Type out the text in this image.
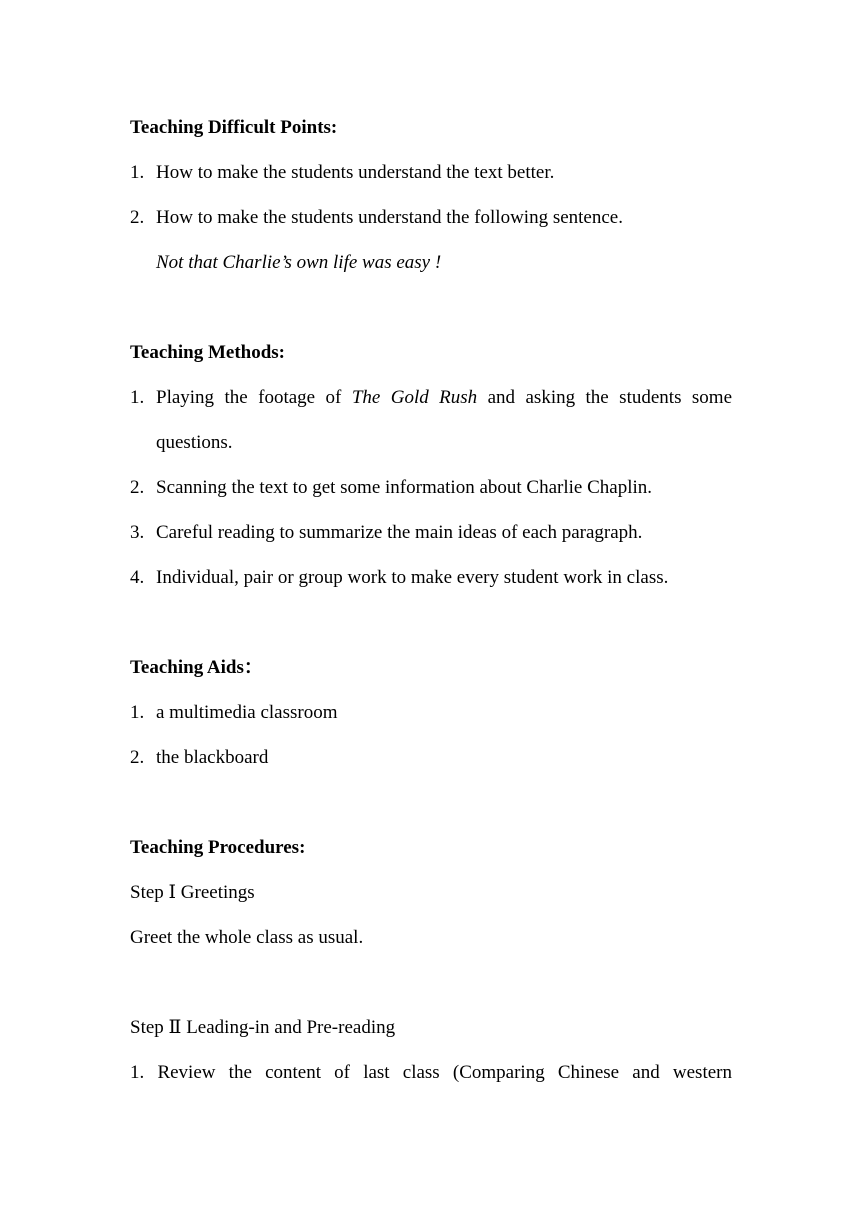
Teaching Difficult Points:
1. How to make the students understand the text better.
2. How to make the students understand the following sentence.
Not that Charlie’s own life was easy !
Teaching Methods:
1. Playing the footage of The Gold Rush and asking the students some
questions.
2. Scanning the text to get some information about Charlie Chaplin.
3. Careful reading to summarize the main ideas of each paragraph.
4. Individual, pair or group work to make every student work in class.
Teaching Aids：
1. a multimedia classroom
2. the blackboard
Teaching Procedures:
Step Ⅰ Greetings
Greet the whole class as usual.
Step Ⅱ Leading-in and Pre-reading
1. Review the content of last class (Comparing Chinese and western
